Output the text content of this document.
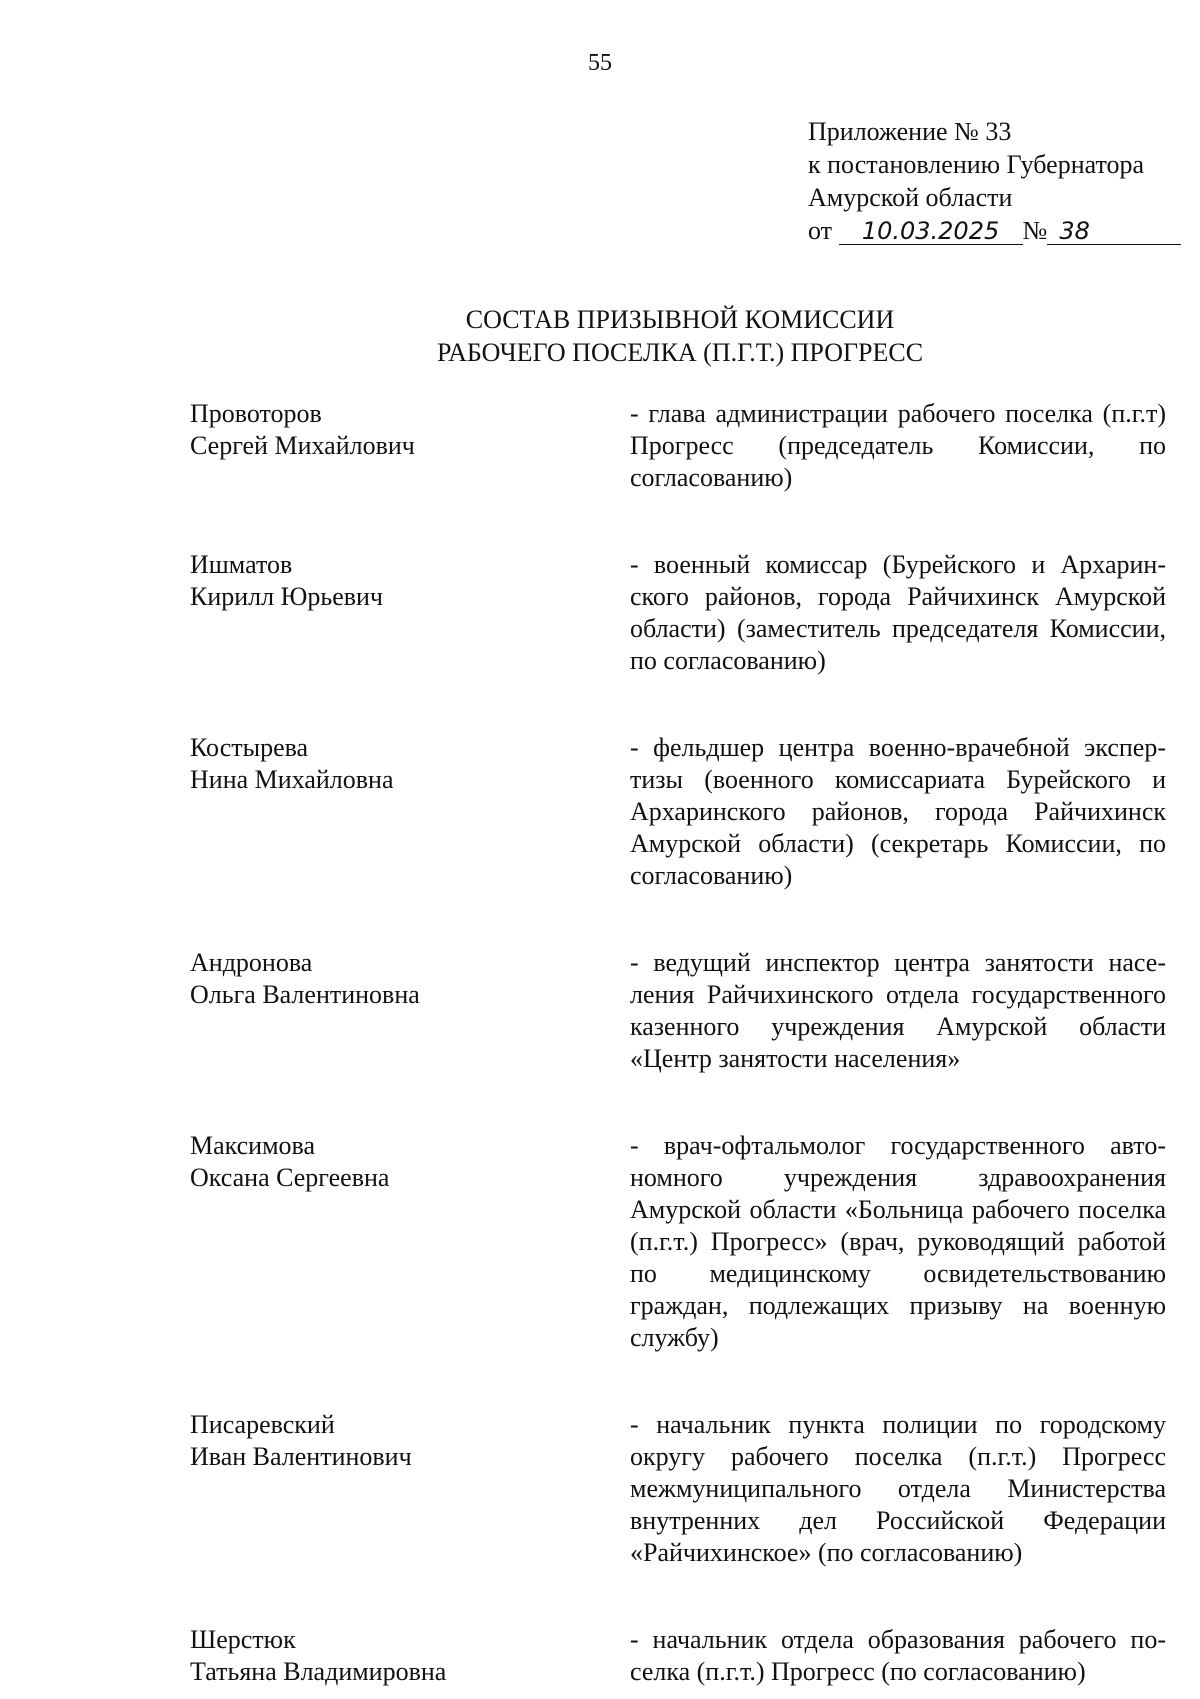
55
Приложение № 33
к постановлению Губернатора
Амурской области
от 10.03.2025 № 38
СОСТАВ ПРИЗЫВНОЙ КОМИССИИ
РАБОЧЕГО ПОСЕЛКА (П.Г.Т.) ПРОГРЕСС
Провоторов
Сергей Михайлович
- глава администрации рабочего поселка (п.г.т) Прогресс (председатель Комиссии, по согласованию)
Ишматов
Кирилл Юрьевич
- военный комиссар (Бурейского и Архаринского районов, города Райчихинск Амурской области) (заместитель председателя Комиссии, по согласованию)
Костырева
Нина Михайловна
- фельдшер центра военно-врачебной экспертизы (военного комиссариата Бурейского и Архаринского районов, города Райчихинск Амурской области) (секретарь Комиссии, по согласованию)
Андронова
Ольга Валентиновна
- ведущий инспектор центра занятости населения Райчихинского отдела государственного казенного учреждения Амурской области «Центр занятости населения»
Максимова
Оксана Сергеевна
- врач-офтальмолог государственного автономного учреждения здравоохранения Амурской области «Больница рабочего поселка (п.г.т.) Прогресс» (врач, руководящий работой по медицинскому освидетельствованию граждан, подлежащих призыву на военную службу)
Писаревский
Иван Валентинович
- начальник пункта полиции по городскому округу рабочего поселка (п.г.т.) Прогресс межмуниципального отдела Министерства внутренних дел Российской Федерации «Райчихинское» (по согласованию)
Шерстюк
Татьяна Владимировна
- начальник отдела образования рабочего поселка (п.г.т.) Прогресс (по согласованию)
